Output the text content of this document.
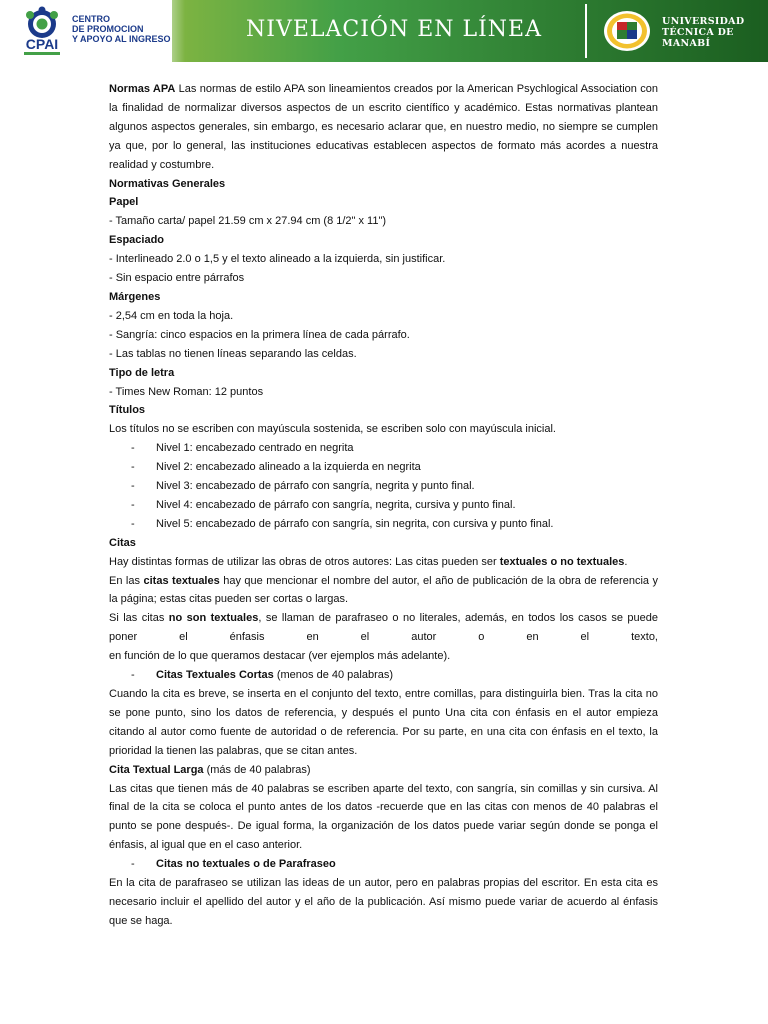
CPAI
CENTRO
DE PROMOCION
Y APOYO AL INGRESO	NIVELACIÓN EN LÍNEA	UNIVERSIDAD
TÉCNICA DE
MANABÍ

Normas APA Las normas de estilo APA son lineamientos creados por la American Psychlogical Association con la finalidad de normalizar diversos aspectos de un escrito científico y académico. Estas normativas plantean algunos aspectos generales, sin embargo, es necesario aclarar que, en nuestro medio, no siempre se cumplen ya que, por lo general, las instituciones educativas establecen aspectos de formato más acordes a nuestra realidad y costumbre.

Normativas Generales

Papel

- Tamaño carta/ papel 21.59 cm x 27.94 cm (8 1/2" x 11")

Espaciado

- Interlineado 2.0 o 1,5 y el texto alineado a la izquierda, sin justificar.

- Sin espacio entre párrafos

Márgenes

- 2,54 cm en toda la hoja.

- Sangría: cinco espacios en la primera línea de cada párrafo.

- Las tablas no tienen líneas separando las celdas.

Tipo de letra

- Times New Roman: 12 puntos

Títulos

Los títulos no se escriben con mayúscula sostenida, se escriben solo con mayúscula inicial.

-	Nivel 1: encabezado centrado en negrita

-	Nivel 2: encabezado alineado a la izquierda en negrita

-	Nivel 3: encabezado de párrafo con sangría, negrita y punto final.

-	Nivel 4: encabezado de párrafo con sangría, negrita, cursiva y punto final.

-	Nivel 5: encabezado de párrafo con sangría, sin negrita, con cursiva y punto final.

Citas

Hay distintas formas de utilizar las obras de otros autores: Las citas pueden ser textuales o no textuales.

En las citas textuales hay que mencionar el nombre del autor, el año de publicación de la obra de referencia y la página; estas citas pueden ser cortas o largas.

Si las citas no son textuales, se llaman de parafraseo o no literales, además, en todos los casos se puede poner el énfasis en el autor o en el texto,

en función de lo que queramos destacar (ver ejemplos más adelante).

-	Citas Textuales Cortas (menos de 40 palabras)

Cuando la cita es breve, se inserta en el conjunto del texto, entre comillas, para distinguirla bien. Tras la cita no se pone punto, sino los datos de referencia, y después el punto Una cita con énfasis en el autor empieza citando al autor como fuente de autoridad o de referencia. Por su parte, en una cita con énfasis en el texto, la prioridad la tienen las palabras, que se citan antes.

Cita Textual Larga (más de 40 palabras)

Las citas que tienen más de 40 palabras se escriben aparte del texto, con sangría, sin comillas y sin cursiva. Al final de la cita se coloca el punto antes de los datos -recuerde que en las citas con menos de 40 palabras el punto se pone después-. De igual forma, la organización de los datos puede variar según donde se ponga el énfasis, al igual que en el caso anterior.

-	Citas no textuales o de Parafraseo

En la cita de parafraseo se utilizan las ideas de un autor, pero en palabras propias del escritor. En esta cita es necesario incluir el apellido del autor y el año de la publicación. Así mismo puede variar de acuerdo al énfasis que se haga.
